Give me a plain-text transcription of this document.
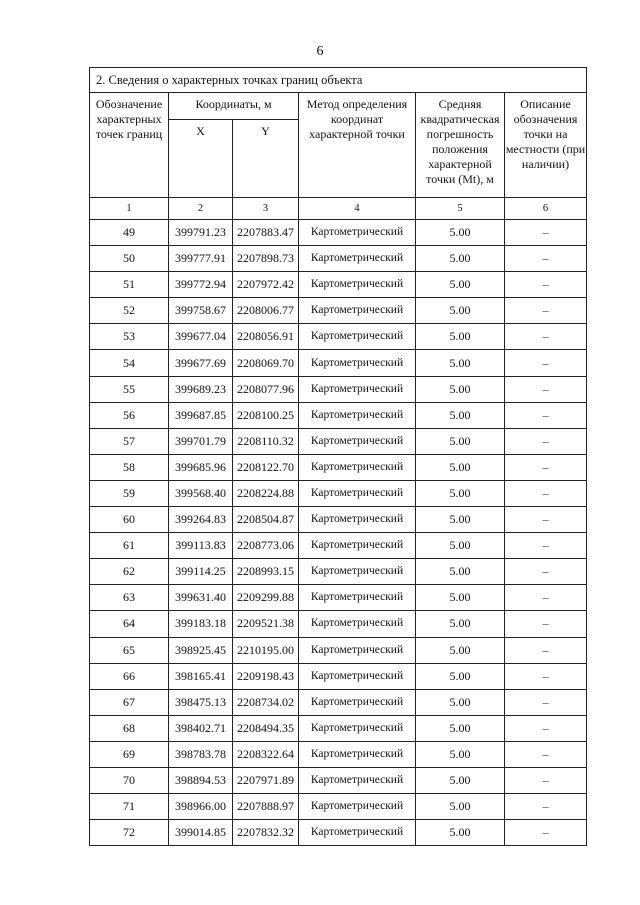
6
2. Сведения о характерных точках границ объекта					
Обозначение характерных точек границ	Координаты, м		Метод определения координат характерной точки	Средняя квадратическая погрешность положения характерной точки (Mt), м	Описание обозначения точки на местности (при наличии)
	X	Y			
1	2	3	4	5	6
49	399791.23	2207883.47	Картометрический	5.00	–
50	399777.91	2207898.73	Картометрический	5.00	–
51	399772.94	2207972.42	Картометрический	5.00	–
52	399758.67	2208006.77	Картометрический	5.00	–
53	399677.04	2208056.91	Картометрический	5.00	–
54	399677.69	2208069.70	Картометрический	5.00	–
55	399689.23	2208077.96	Картометрический	5.00	–
56	399687.85	2208100.25	Картометрический	5.00	–
57	399701.79	2208110.32	Картометрический	5.00	–
58	399685.96	2208122.70	Картометрический	5.00	–
59	399568.40	2208224.88	Картометрический	5.00	–
60	399264.83	2208504.87	Картометрический	5.00	–
61	399113.83	2208773.06	Картометрический	5.00	–
62	399114.25	2208993.15	Картометрический	5.00	–
63	399631.40	2209299.88	Картометрический	5.00	–
64	399183.18	2209521.38	Картометрический	5.00	–
65	398925.45	2210195.00	Картометрический	5.00	–
66	398165.41	2209198.43	Картометрический	5.00	–
67	398475.13	2208734.02	Картометрический	5.00	–
68	398402.71	2208494.35	Картометрический	5.00	–
69	398783.78	2208322.64	Картометрический	5.00	–
70	398894.53	2207971.89	Картометрический	5.00	–
71	398966.00	2207888.97	Картометрический	5.00	–
72	399014.85	2207832.32	Картометрический	5.00	–
